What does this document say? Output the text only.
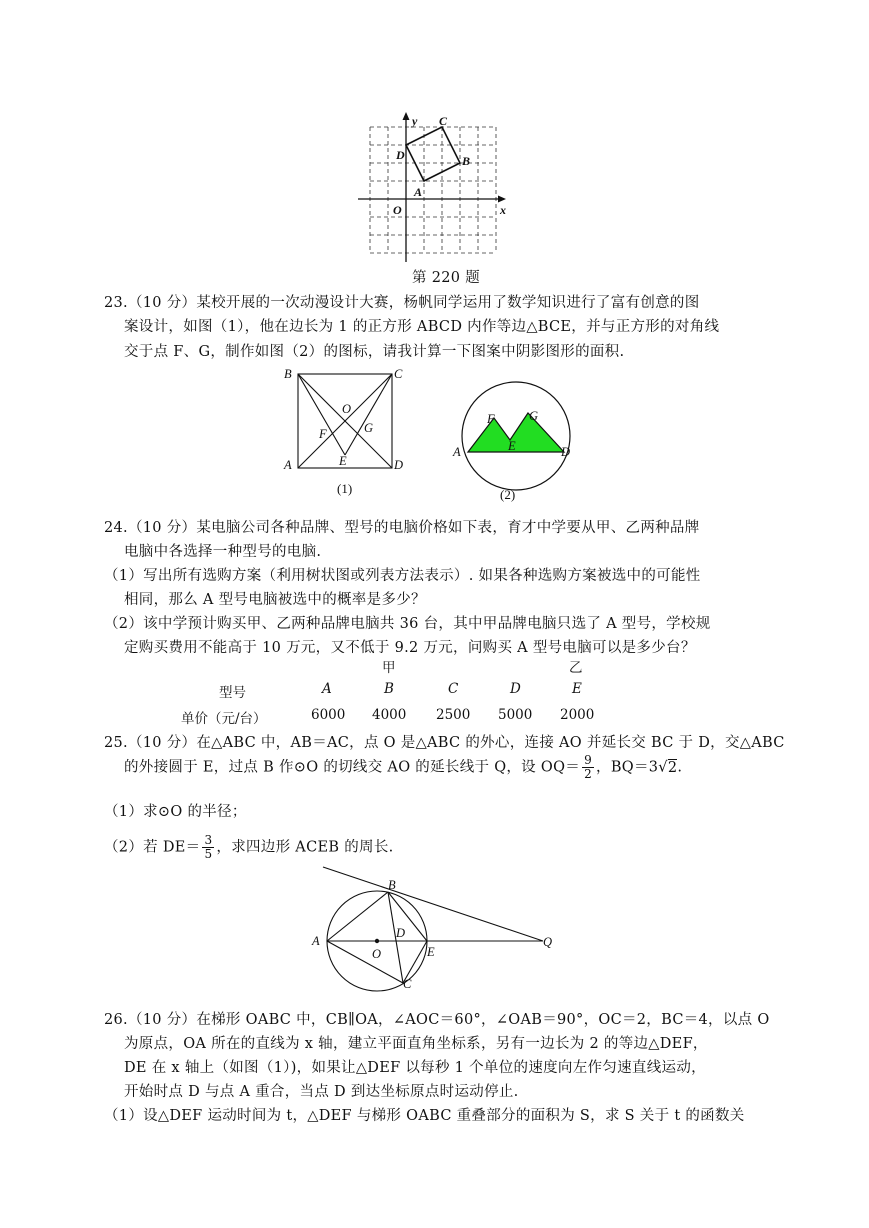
y C
D	B
A
O	x
第 220 题
23.（10 分）某校开展的一次动漫设计大赛，杨帆同学运用了数学知识进行了富有创意的图
案设计，如图（1），他在边长为 1 的正方形 ABCD 内作等边△BCE，并与正方形的对角线
交于点 F、G，制作如图（2）的图标，请我计算一下图案中阴影图形的面积.
B	C
O
F	G
A	E	D
(1)
F	G
A	E	D
(2)
24.（10 分）某电脑公司各种品牌、型号的电脑价格如下表，育才中学要从甲、乙两种品牌
电脑中各选择一种型号的电脑.
（1）写出所有选购方案（利用树状图或列表方法表示）. 如果各种选购方案被选中的可能性
相同，那么 A 型号电脑被选中的概率是多少？
（2）该中学预计购买甲、乙两种品牌电脑共 36 台，其中甲品牌电脑只选了 A 型号，学校规
定购买费用不能高于 10 万元，又不低于 9.2 万元，问购买 A 型号电脑可以是多少台？
甲	乙
型号	A	B	C	D	E
单价（元/台）	6000 4000 2500 5000 2000
25.（10 分）在△ABC 中，AB＝AC，点 O 是△ABC 的外心，连接 AO 并延长交 BC 于 D，交△ABC
的外接圆于 E，过点 B 作⊙O 的切线交 AO 的延长线于 Q，设 $OQ= \frac{9}{2}$ ，BQ＝3√2.
（1）求⊙O 的半径；
（2）若 $DE= \frac{3}{5}$ ，求四边形 ACEB 的周长.
B
A
D
O	E
C
Q
26.（10 分）在梯形 OABC 中，CB∥OA，∠AOC＝60°，∠OAB＝90°，OC＝2，BC＝4，以点 O
为原点，OA 所在的直线为 x 轴，建立平面直角坐标系，另有一边长为 2 的等边△DEF，
DE 在 x 轴上（如图（1）)，如果让△DEF 以每秒 1 个单位的速度向左作匀速直线运动，
开始时点 D 与点 A 重合，当点 D 到达坐标原点时运动停止.
（1）设△DEF 运动时间为 t，△DEF 与梯形 OABC 重叠部分的面积为 S，求 S 关于 t 的函数关
